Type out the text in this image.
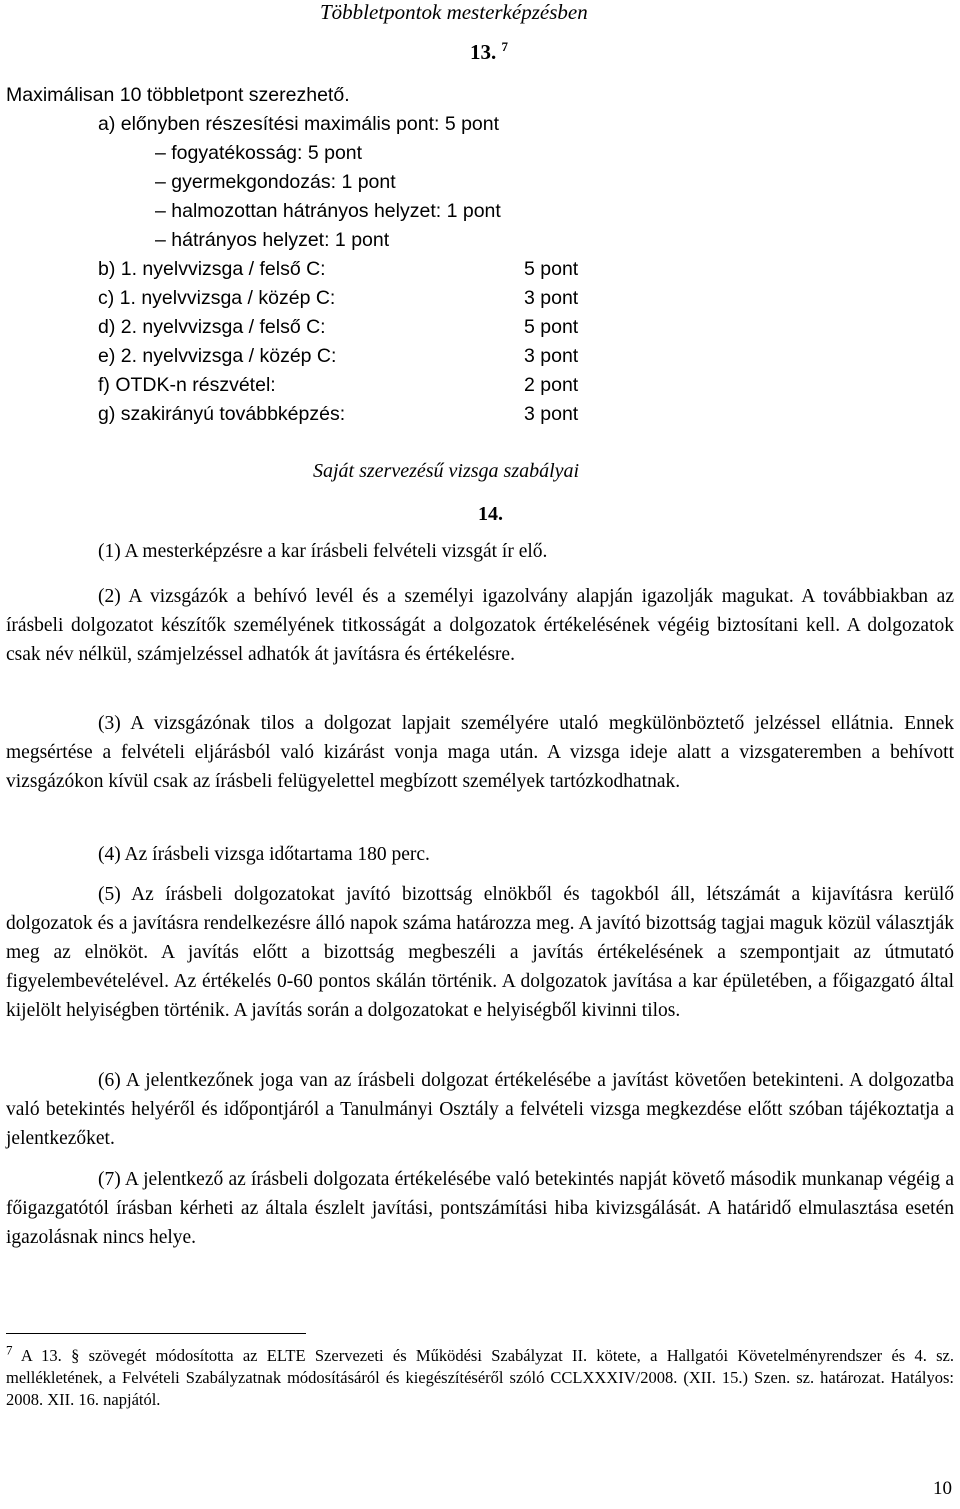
Többletpontok mesterképzésben
13. $^7$
Maximálisan 10 többletpont szerezhető.
a) előnyben részesítési maximális pont: 5 pont
– fogyatékosság: 5 pont
– gyermekgondozás: 1 pont
– halmozottan hátrányos helyzet: 1 pont
– hátrányos helyzet: 1 pont
b) 1. nyelvvizsga / felső C:	5 pont
c) 1. nyelvvizsga / közép C:	3 pont
d) 2. nyelvvizsga / felső C:	5 pont
e) 2. nyelvvizsga / közép C:	3 pont
f) OTDK-n részvétel:	2 pont
g) szakirányú továbbképzés:	3 pont
Saját szervezésű vizsga szabályai
14.

(1) A mesterképzésre a kar írásbeli felvételi vizsgát ír elő.

(2) A vizsgázók a behívó levél és a személyi igazolvány alapján igazolják magukat. A továbbiakban az írásbeli dolgozatot készítők személyének titkosságát a dolgozatok értékelésének végéig biztosítani kell. A dolgozatok csak név nélkül, számjelzéssel adhatók át javításra és értékelésre.

(3) A vizsgázónak tilos a dolgozat lapjait személyére utaló megkülönböztető jelzéssel ellátnia. Ennek megsértése a felvételi eljárásból való kizárást vonja maga után. A vizsga ideje alatt a vizsgateremben a behívott vizsgázókon kívül csak az írásbeli felügyelettel megbízott személyek tartózkodhatnak.

(4) Az írásbeli vizsga időtartama 180 perc.

(5) Az írásbeli dolgozatokat javító bizottság elnökből és tagokból áll, létszámát a kijavításra kerülő dolgozatok és a javításra rendelkezésre álló napok száma határozza meg. A javító bizottság tagjai maguk közül választják meg az elnököt. A javítás előtt a bizottság megbeszéli a javítás értékelésének a szempontjait az útmutató figyelembevételével. Az értékelés 0-60 pontos skálán történik. A dolgozatok javítása a kar épületében, a főigazgató által kijelölt helyiségben történik. A javítás során a dolgozatokat e helyiségből kivinni tilos.

(6) A jelentkezőnek joga van az írásbeli dolgozat értékelésébe a javítást követően betekinteni. A dolgozatba való betekintés helyéről és időpontjáról a Tanulmányi Osztály a felvételi vizsga megkezdése előtt szóban tájékoztatja a jelentkezőket.

(7) A jelentkező az írásbeli dolgozata értékelésébe való betekintés napját követő második munkanap végéig a főigazgatótól írásban kérheti az általa észlelt javítási, pontszámítási hiba kivizsgálását. A határidő elmulasztása esetén igazolásnak nincs helye.

$^7$ A 13. § szövegét módosította az ELTE Szervezeti és Működési Szabályzat II. kötete, a Hallgatói Követelményrendszer és 4. sz. mellékletének, a Felvételi Szabályzatnak módosításáról és kiegészítéséről szóló CCLXXXIV/2008. (XII. 15.) Szen. sz. határozat. Hatályos: 2008. XII. 16. napjától.

10
